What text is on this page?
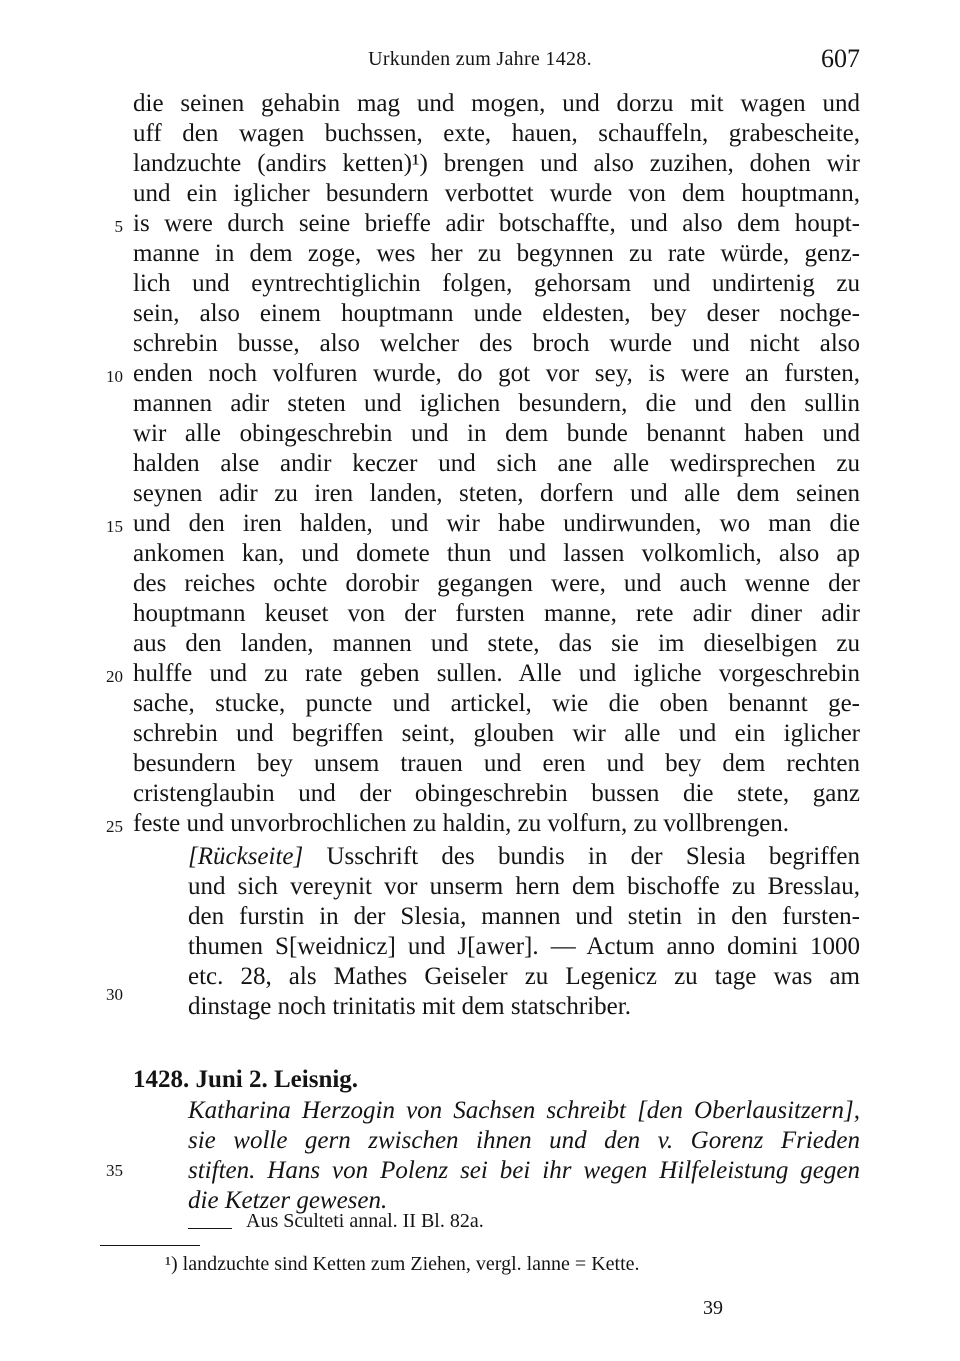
Urkunden zum Jahre 1428.	607
die seinen gehabin mag und mogen, und dorzu mit wagen und
uff den wagen buchssen, exte, hauen, schauffeln, grabescheite,
landzuchte (andirs ketten)¹) brengen und also zuzihen, dohen wir
und ein iglicher besundern verbottet wurde von dem houptmann,
is were durch seine brieffe adir botschaffte, und also dem houpt-
manne in dem zoge, wes her zu begynnen zu rate würde, genz-
lich und eyntrechtiglichin folgen, gehorsam und undirtenig zu
sein, also einem houptmann unde eldesten, bey deser nochge-
schrebin busse, also welcher des broch wurde und nicht also
enden noch volfuren wurde, do got vor sey, is were an fursten,
mannen adir steten und iglichen besundern, die und den sullin
wir alle obingeschrebin und in dem bunde benannt haben und
halden alse andir keczer und sich ane alle wedirsprechen zu
seynen adir zu iren landen, steten, dorfern und alle dem seinen
und den iren halden, und wir habe undirwunden, wo man die
ankomen kan, und domete thun und lassen volkomlich, also ap
des reiches ochte dorobir gegangen were, und auch wenne der
houptmann keuset von der fursten manne, rete adir diner adir
aus den landen, mannen und stete, das sie im dieselbigen zu
hulffe und zu rate geben sullen. Alle und igliche vorgeschrebin
sache, stucke, puncte und artickel, wie die oben benannt ge-
schrebin und begriffen seint, glouben wir alle und ein iglicher
besundern bey unsem trauen und eren und bey dem rechten
cristenglaubin und der obingeschrebin bussen die stete, ganz
feste und unvorbrochlichen zu haldin, zu volfurn, zu vollbrengen.
[Rückseite] Usschrift des bundis in der Slesia begriffen
und sich vereynit vor unserm hern dem bischoffe zu Bresslau,
den furstin in der Slesia, mannen und stetin in den fursten-
thumen S[weidnicz] und J[awer]. — Actum anno domini 1000
etc. 28, als Mathes Geiseler zu Legenicz zu tage was am
dinstage noch trinitatis mit dem statschriber.
1428. Juni 2. Leisnig.
Katharina Herzogin von Sachsen schreibt [den Oberlausitzern],
sie wolle gern zwischen ihnen und den v. Gorenz Frieden
stiften. Hans von Polenz sei bei ihr wegen Hilfeleistung gegen
die Ketzer gewesen.
Aus Sculteti annal. II Bl. 82a.
5
10
15
20
25
30
35
¹) landzuchte sind Ketten zum Ziehen, vergl. lanne = Kette.
39
